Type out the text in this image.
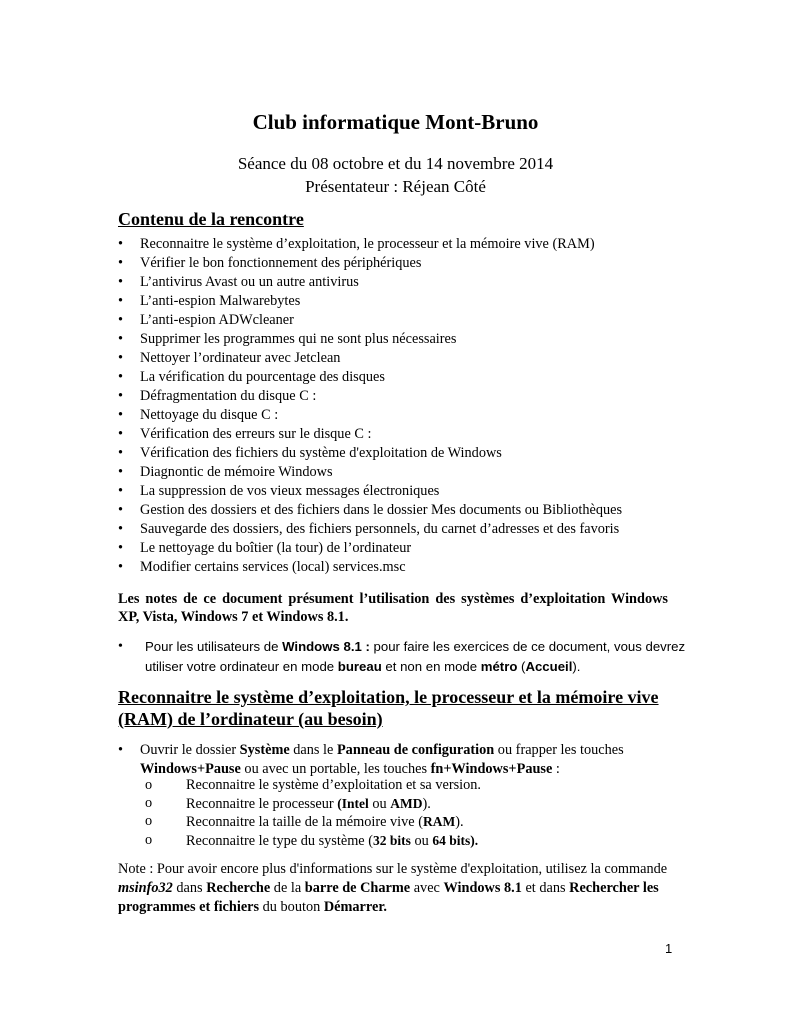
Club informatique Mont-Bruno
Séance du 08 octobre et du 14 novembre 2014
Présentateur : Réjean Côté
Contenu de la rencontre
• Reconnaitre le système d’exploitation, le processeur et la mémoire vive (RAM)
• Vérifier le bon fonctionnement des périphériques
• L’antivirus Avast ou un autre antivirus
• L’anti-espion Malwarebytes
• L’anti-espion ADWcleaner
• Supprimer les programmes qui ne sont plus nécessaires
• Nettoyer l’ordinateur avec Jetclean
• La vérification du pourcentage des disques
• Défragmentation du disque C :
• Nettoyage du disque C :
• Vérification des erreurs sur le disque C :
• Vérification des fichiers du système d'exploitation de Windows
• Diagnontic de mémoire Windows
• La suppression de vos vieux messages électroniques
• Gestion des dossiers et des fichiers dans le dossier Mes documents ou Bibliothèques
• Sauvegarde des dossiers, des fichiers personnels, du carnet d’adresses et des favoris
• Le nettoyage du boîtier (la tour) de l’ordinateur
• Modifier certains services (local) services.msc
Les notes de ce document présument l’utilisation des systèmes d’exploitation Windows XP, Vista, Windows 7 et Windows 8.1.
• Pour les utilisateurs de Windows 8.1 : pour faire les exercices de ce document, vous devrez utiliser votre ordinateur en mode bureau et non en mode métro (Accueil).
Reconnaitre le système d’exploitation, le processeur et la mémoire vive (RAM) de l’ordinateur (au besoin)
• Ouvrir le dossier Système dans le Panneau de configuration ou frapper les touches Windows+Pause ou avec un portable, les touches fn+Windows+Pause :
o Reconnaitre le système d’exploitation et sa version.
o Reconnaitre le processeur (Intel ou AMD).
o Reconnaitre la taille de la mémoire vive (RAM).
o Reconnaitre le type du système (32 bits ou 64 bits).
Note : Pour avoir encore plus d'informations sur le système d'exploitation, utilisez la commande msinfo32 dans Recherche de la barre de Charme avec Windows 8.1 et dans Rechercher les programmes et fichiers du bouton Démarrer.
1
